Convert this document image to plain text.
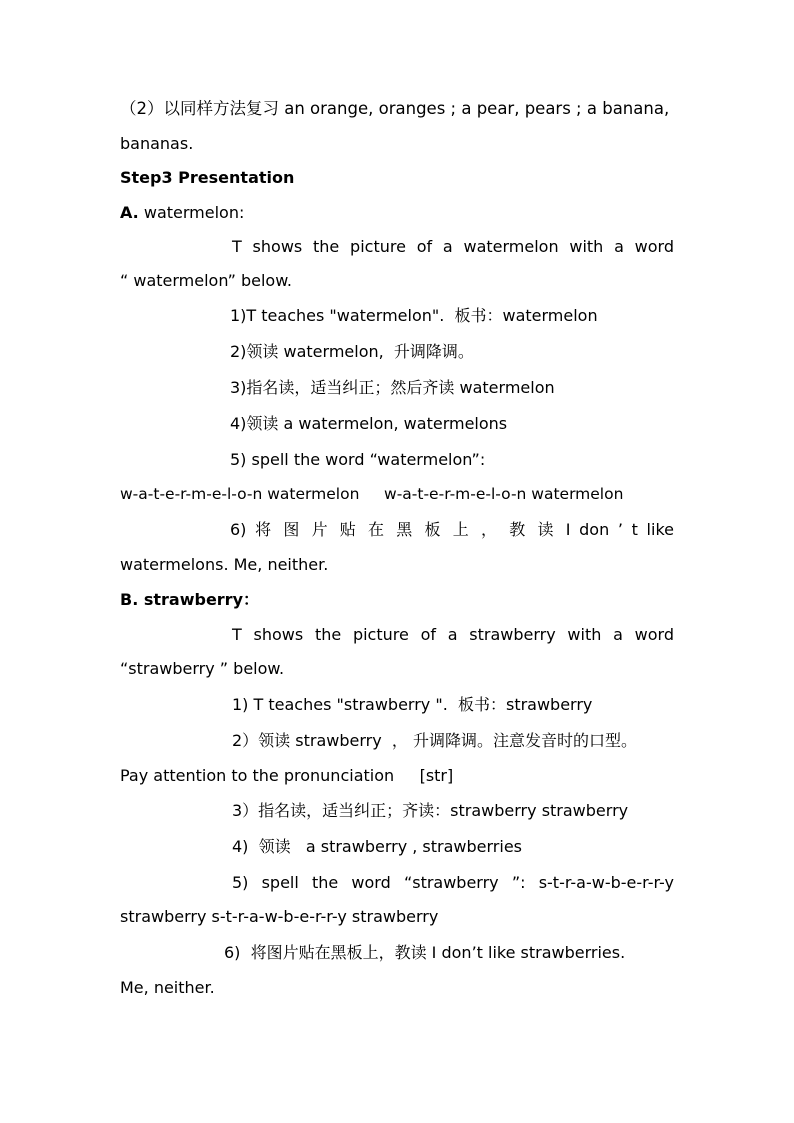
（2）以同样方法复习 an orange, oranges ; a pear, pears ; a banana,
bananas.
Step3 Presentation
A. watermelon:
T shows the picture of a watermelon with a word
“ watermelon” below.
1)T teaches "watermelon".  板书：watermelon
2)领读 watermelon,  升调降调。
3)指名读，适当纠正；然后齐读 watermelon
4)领读 a watermelon, watermelons
5) spell the word “watermelon”:
w-a-t-e-r-m-e-l-o-n watermelon     w-a-t-e-r-m-e-l-o-n watermelon
6) 将 图 片 贴 在 黑 板 上 ， 教 读 I don ’ t like
watermelons. Me, neither.
B. strawberry：
T shows the picture of a strawberry with a word
“strawberry ” below.
1) T teaches "strawberry ".  板书：strawberry
2）领读 strawberry  ， 升调降调。注意发音时的口型。
Pay attention to the pronunciation     [str]
3）指名读，适当纠正；齐读：strawberry strawberry
4)  领读   a strawberry , strawberries
5) spell the word “strawberry ”: s-t-r-a-w-b-e-r-r-y
strawberry s-t-r-a-w-b-e-r-r-y strawberry
6)  将图片贴在黑板上，教读 I don’t like strawberries.
Me, neither.
